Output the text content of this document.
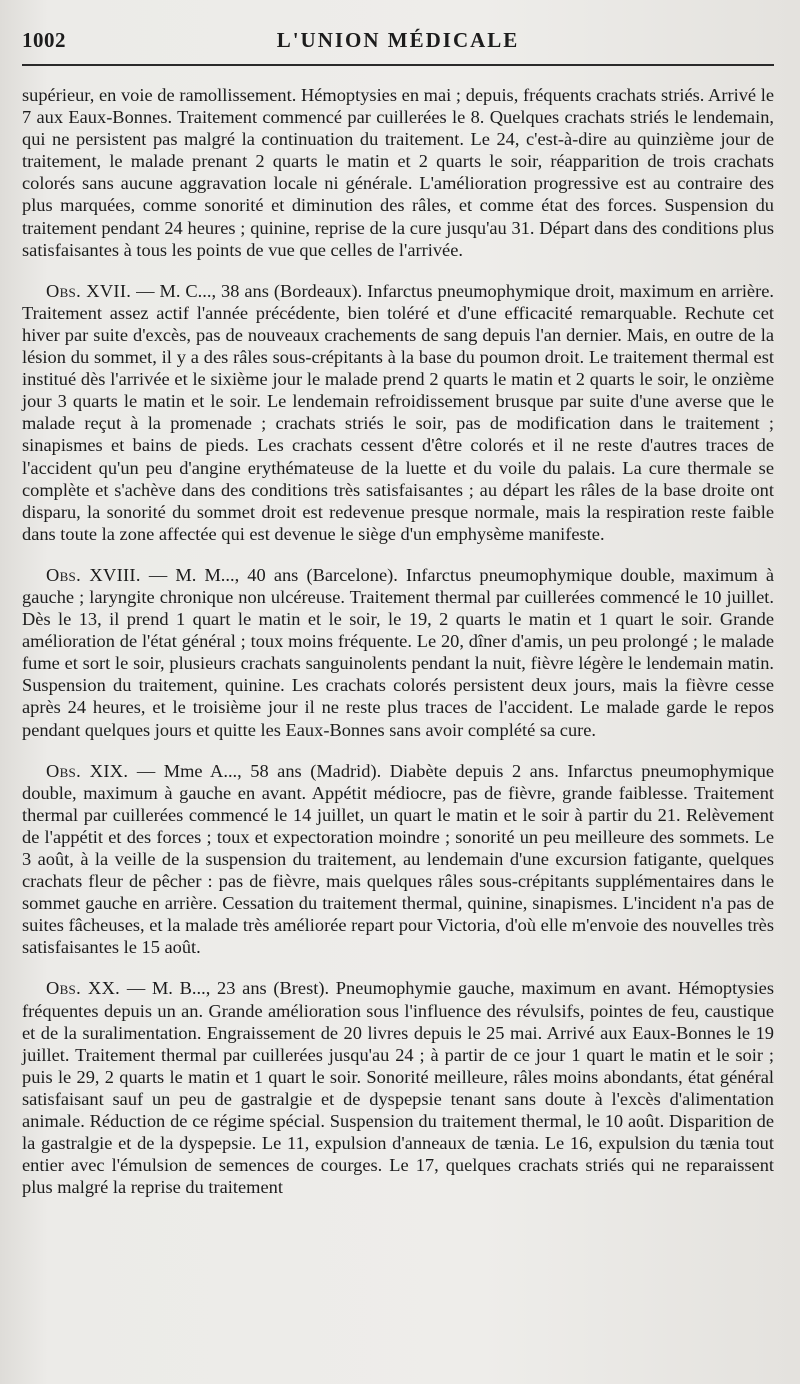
1002	L'UNION MÉDICALE

supérieur, en voie de ramollissement. Hémoptysies en mai ; depuis, fréquents crachats striés. Arrivé le 7 aux Eaux-Bonnes. Traitement commencé par cuillerées le 8. Quelques crachats striés le lendemain, qui ne persistent pas malgré la continuation du traitement. Le 24, c'est-à-dire au quinzième jour de traitement, le malade prenant 2 quarts le matin et 2 quarts le soir, réapparition de trois crachats colorés sans aucune aggravation locale ni générale. L'amélioration progressive est au contraire des plus marquées, comme sonorité et diminution des râles, et comme état des forces. Suspension du traitement pendant 24 heures ; quinine, reprise de la cure jusqu'au 31. Départ dans des conditions plus satisfaisantes à tous les points de vue que celles de l'arrivée.

Obs. XVII. — M. C..., 38 ans (Bordeaux). Infarctus pneumophymique droit, maximum en arrière. Traitement assez actif l'année précédente, bien toléré et d'une efficacité remarquable. Rechute cet hiver par suite d'excès, pas de nouveaux crachements de sang depuis l'an dernier. Mais, en outre de la lésion du sommet, il y a des râles sous-crépitants à la base du poumon droit. Le traitement thermal est institué dès l'arrivée et le sixième jour le malade prend 2 quarts le matin et 2 quarts le soir, le onzième jour 3 quarts le matin et le soir. Le lendemain refroidissement brusque par suite d'une averse que le malade reçut à la promenade ; crachats striés le soir, pas de modification dans le traitement ; sinapismes et bains de pieds. Les crachats cessent d'être colorés et il ne reste d'autres traces de l'accident qu'un peu d'angine erythémateuse de la luette et du voile du palais. La cure thermale se complète et s'achève dans des conditions très satisfaisantes ; au départ les râles de la base droite ont disparu, la sonorité du sommet droit est redevenue presque normale, mais la respiration reste faible dans toute la zone affectée qui est devenue le siège d'un emphysème manifeste.

Obs. XVIII. — M. M..., 40 ans (Barcelone). Infarctus pneumophymique double, maximum à gauche ; laryngite chronique non ulcéreuse. Traitement thermal par cuillerées commencé le 10 juillet. Dès le 13, il prend 1 quart le matin et le soir, le 19, 2 quarts le matin et 1 quart le soir. Grande amélioration de l'état général ; toux moins fréquente. Le 20, dîner d'amis, un peu prolongé ; le malade fume et sort le soir, plusieurs crachats sanguinolents pendant la nuit, fièvre légère le lendemain matin. Suspension du traitement, quinine. Les crachats colorés persistent deux jours, mais la fièvre cesse après 24 heures, et le troisième jour il ne reste plus traces de l'accident. Le malade garde le repos pendant quelques jours et quitte les Eaux-Bonnes sans avoir complété sa cure.

Obs. XIX. — Mme A..., 58 ans (Madrid). Diabète depuis 2 ans. Infarctus pneumophymique double, maximum à gauche en avant. Appétit médiocre, pas de fièvre, grande faiblesse. Traitement thermal par cuillerées commencé le 14 juillet, un quart le matin et le soir à partir du 21. Relèvement de l'appétit et des forces ; toux et expectoration moindre ; sonorité un peu meilleure des sommets. Le 3 août, à la veille de la suspension du traitement, au lendemain d'une excursion fatigante, quelques crachats fleur de pêcher : pas de fièvre, mais quelques râles sous-crépitants supplémentaires dans le sommet gauche en arrière. Cessation du traitement thermal, quinine, sinapismes. L'incident n'a pas de suites fâcheuses, et la malade très améliorée repart pour Victoria, d'où elle m'envoie des nouvelles très satisfaisantes le 15 août.

Obs. XX. — M. B..., 23 ans (Brest). Pneumophymie gauche, maximum en avant. Hémoptysies fréquentes depuis un an. Grande amélioration sous l'influence des révulsifs, pointes de feu, caustique et de la suralimentation. Engraissement de 20 livres depuis le 25 mai. Arrivé aux Eaux-Bonnes le 19 juillet. Traitement thermal par cuillerées jusqu'au 24 ; à partir de ce jour 1 quart le matin et le soir ; puis le 29, 2 quarts le matin et 1 quart le soir. Sonorité meilleure, râles moins abondants, état général satisfaisant sauf un peu de gastralgie et de dyspepsie tenant sans doute à l'excès d'alimentation animale. Réduction de ce régime spécial. Suspension du traitement thermal, le 10 août. Disparition de la gastralgie et de la dyspepsie. Le 11, expulsion d'anneaux de tænia. Le 16, expulsion du tænia tout entier avec l'émulsion de semences de courges. Le 17, quelques crachats striés qui ne reparaissent plus malgré la reprise du traitement
